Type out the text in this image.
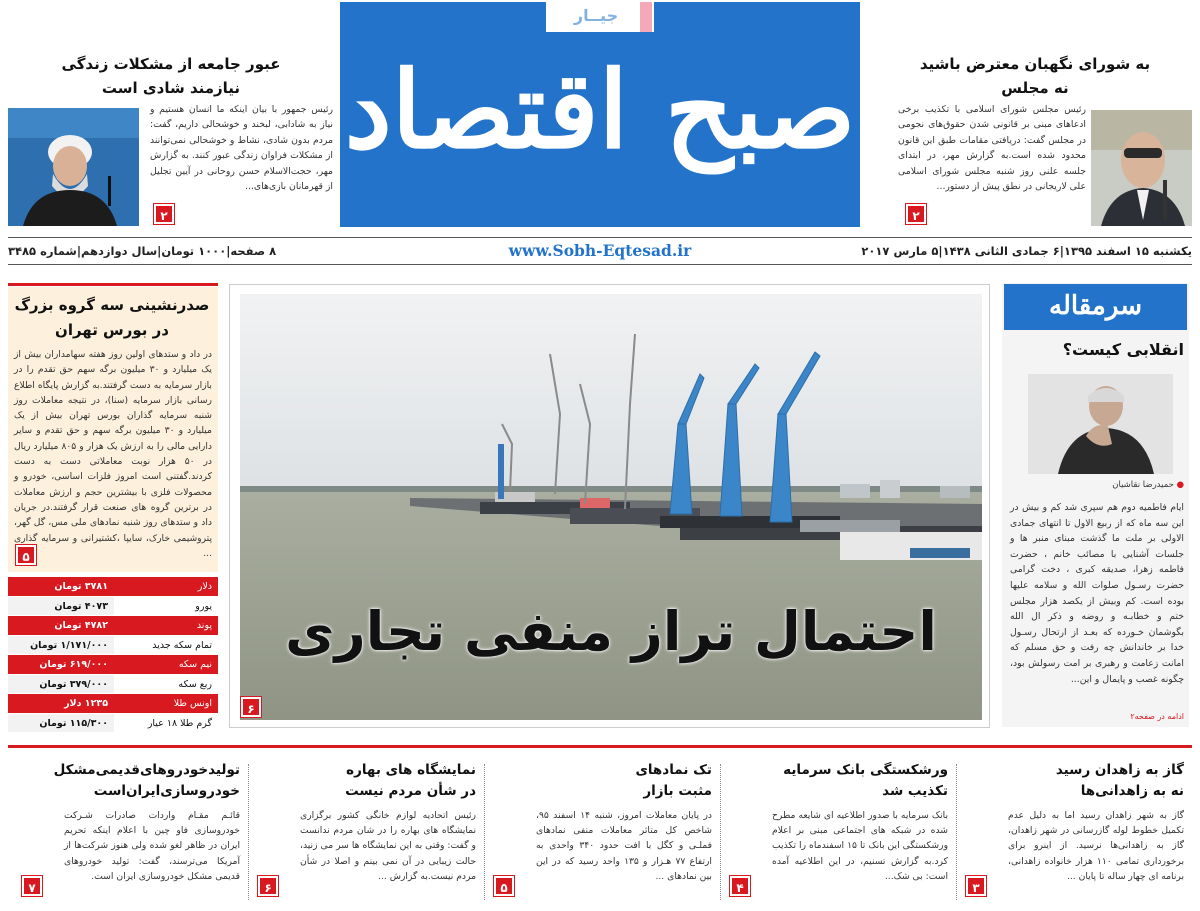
جیــار
صبح اقتصاد	به شورای نگهبان معترض باشید
نه مجلس
رئیس مجلس شورای اسلامی با تکذیب برخی ادعاهای مبنی بر قانونی شدن حقوق‌های نجومی در مجلس گفت: دریافتی مقامات طبق این قانون محدود شده است.به گزارش مهر، در ابتدای جلسه علنی روز شنبه مجلس شورای اسلامی علی لاریجانی در نطق پیش از دستور...
۲
عبور جامعه از مشکلات زندگی
نیازمند شادی است
رئیس جمهور با بیان اینکه ما انسان هستیم و نیاز به شادابی، لبخند و خوشحالی داریم، گفت: مردم بدون شادی، نشاط و خوشحالی نمی‌توانند از مشکلات فراوان زندگی عبور کنند. به گزارش مهر، حجت‌الاسلام حسن روحانی در آیین تجلیل از قهرمانان بازی‌های...
۲
یکشنبه ۱۵ اسفند ۱۳۹۵|۶ جمادی الثانی ۱۴۳۸|۵ مارس ۲۰۱۷
www.Sobh-Eqtesad.ir
۸ صفحه|۱۰۰۰ تومان|سال دوازدهم|شماره ۳۴۸۵
صدرنشینی سه گروه بزرگ
در بورس تهران
در داد و ستدهای اولین روز هفته سهامداران بیش از یک میلیارد و ۳۰ میلیون برگه سهم حق تقدم را در بازار سرمایه به دست گرفتند.به گزارش پایگاه اطلاع رسانی بازار سرمایه (سنا)، در نتیجه معاملات روز شنبه سرمایه گذاران بورس تهران بیش از یک میلیارد و ۳۰ میلیون برگه سهم و حق تقدم و سایر دارایی مالی را به ارزش یک هزار و ۸۰۵ میلیارد ریال در ۵۰ هزار نوبت معاملاتی دست به دست کردند.گفتنی است امروز فلزات اساسی، خودرو و محصولات فلزی با بیشترین حجم و ارزش معاملات در برترین گروه های صنعت قرار گرفتند.در جریان داد و ستدهای روز شنبه نمادهای ملی مس، گل گهر، پتروشیمی خارک، سایپا ،کشتیرانی و سرمایه گذاری ...
۵
دلار
۳۷۸۱ تومان
یورو
۴۰۷۳ تومان
پوند
۴۷۸۲ تومان
تمام سکه جدید
۱/۱۷۱/۰۰۰ تومان
نیم سکه
۶۱۹/۰۰۰ تومان
ربع سکه
۳۷۹/۰۰۰ تومان
اونس طلا
۱۲۳۵ دلار
گرم طلا ۱۸ عیار
۱۱۵/۳۰۰ تومان
احتمال تراز منفی تجاری
۶
سرمقاله
انقلابی کیست؟
● حمیدرضا نقاشیان
ایام فاطمیه دوم هم سپری شد کم و بیش در این سه ماه که از ربیع الاول تا انتهای جمادی الاولی بر ملت ما گذشت مبنای منبر ها و جلسات آشنایی با مصائب خانم ، حضرت فاطمه زهرا، صدیقه کبری ، دخت گرامی حضرت رسـول صلوات الله و سلامه علیها بوده است. کم وبیش از یکصد هزار مجلس ختم و خطابـه و روضه و ذکر ال الله بگوشمان خـورده که بعـد از ارتحال رسـول خدا بر خاندانش چه رفت و حق مسلم که امانت زعامت و رهبری بر امت رسولش بود، چگونه غصب و پایمال و این...
ادامه در صفحه۲
گاز به زاهدان رسید
نه به زاهدانی‌ها
گاز به شهر زاهدان رسید اما به دلیل عدم تکمیل خطوط لوله گازرسانی در شهر زاهدان، گاز به زاهدانی‌ها نرسید. از اینرو برای برخورداری تمامی ۱۱۰ هزار خانواده زاهدانی، برنامه ای چهار ساله تا پایان ...
۳
ورشکستگی بانک سرمایه
تکذیب شد
بانک سرمایه با صدور اطلاعیه ای شایعه مطرح شده در شبکه های اجتماعی مبنی بر اعلام ورشکستگی این بانک تا ۱۵ اسفندماه را تکذیب کرد.به گزارش تسنیم، در این اطلاعیه آمده است: بی شک...
۴
تک نمادهای
مثبت بازار
در پایان معاملات امروز، شنبه ۱۴ اسفند ۹۵، شاخص کل متاثر معاملات منفی نمادهای فملـی و کگل با افت حدود ۳۴۰ واحدی به ارتفاع ۷۷ هـزار و ۱۳۵ واحد رسید که در این بین نمادهای ...
۵
نمایشگاه های بهاره
در شأن مردم نیست
رئیس اتحادیه لوازم خانگی کشور برگزاری نمایشگاه های بهاره را در شان مردم ندانست و گفت: وقتی به این نمایشگاه ها سر می زنید، حالت زیبایی در آن نمی بینم و اصلا در شأن مردم نیست.به گزارش ...
۶
تولیدخودروهای‌قدیمی‌مشکل
خودروسازی‌ایران‌است
قائـم مقـام واردات صادرات شـرکت خودروسازی فاو چین با اعلام اینکه تحریم ایران در ظاهر لغو شده ولی هنوز شرکت‌ها از آمریکا می‌ترسند، گفت: تولید خودروهای قدیمی مشکل خودروسازی ایران است.
۷
